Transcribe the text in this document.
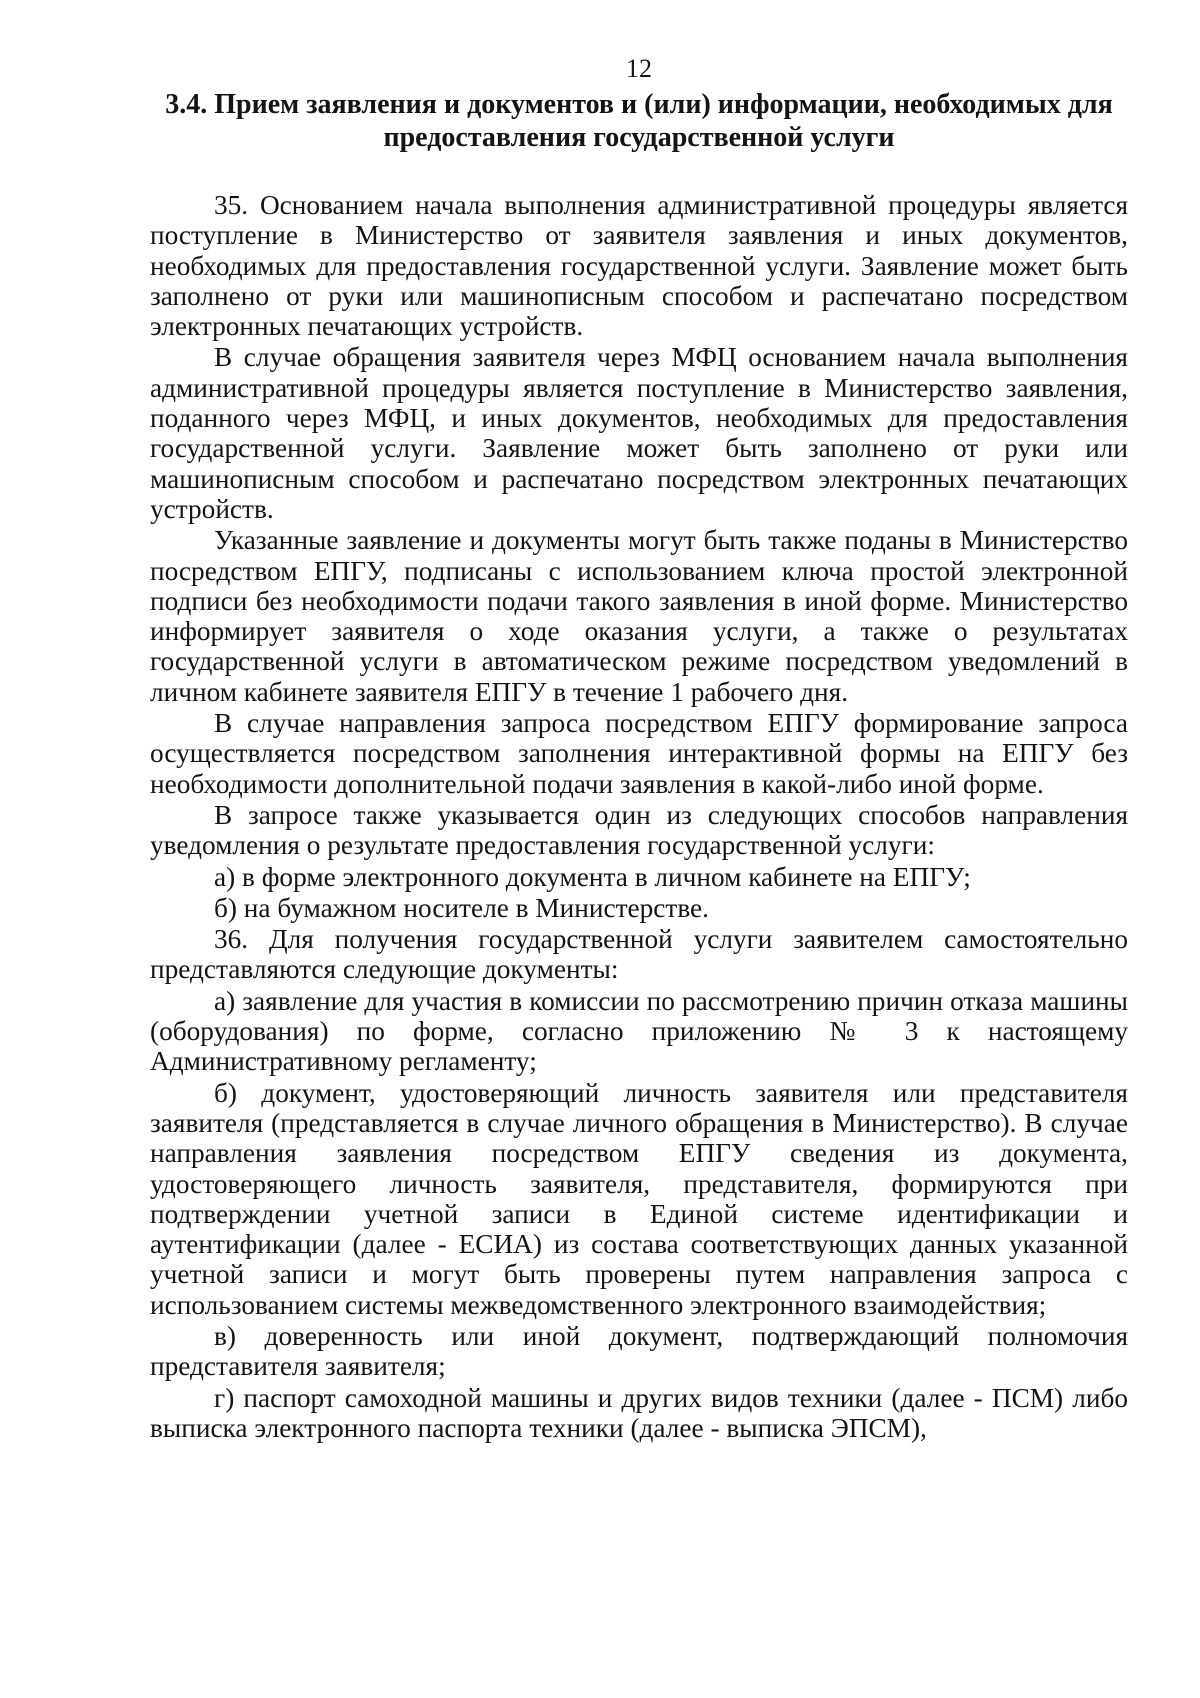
12
3.4. Прием заявления и документов и (или) информации, необходимых для предоставления государственной услуги

35. Основанием начала выполнения административной процедуры является поступление в Министерство от заявителя заявления и иных документов, необходимых для предоставления государственной услуги. Заявление может быть заполнено от руки или машинописным способом и распечатано посредством электронных печатающих устройств.

В случае обращения заявителя через МФЦ основанием начала выполнения административной процедуры является поступление в Министерство заявления, поданного через МФЦ, и иных документов, необходимых для предоставления государственной услуги. Заявление может быть заполнено от руки или машинописным способом и распечатано посредством электронных печатающих устройств.

Указанные заявление и документы могут быть также поданы в Министерство посредством ЕПГУ, подписаны с использованием ключа простой электронной подписи без необходимости подачи такого заявления в иной форме. Министерство информирует заявителя о ходе оказания услуги, а также о результатах государственной услуги в автоматическом режиме посредством уведомлений в личном кабинете заявителя ЕПГУ в течение 1 рабочего дня.

В случае направления запроса посредством ЕПГУ формирование запроса осуществляется посредством заполнения интерактивной формы на ЕПГУ без необходимости дополнительной подачи заявления в какой-либо иной форме.

В запросе также указывается один из следующих способов направления уведомления о результате предоставления государственной услуги:

а) в форме электронного документа в личном кабинете на ЕПГУ;

б) на бумажном носителе в Министерстве.

36. Для получения государственной услуги заявителем самостоятельно представляются следующие документы:

а) заявление для участия в комиссии по рассмотрению причин отказа машины (оборудования) по форме, согласно приложению № 3 к настоящему Административному регламенту;

б) документ, удостоверяющий личность заявителя или представителя заявителя (представляется в случае личного обращения в Министерство). В случае направления заявления посредством ЕПГУ сведения из документа, удостоверяющего личность заявителя, представителя, формируются при подтверждении учетной записи в Единой системе идентификации и аутентификации (далее - ЕСИА) из состава соответствующих данных указанной учетной записи и могут быть проверены путем направления запроса с использованием системы межведомственного электронного взаимодействия;

в) доверенность или иной документ, подтверждающий полномочия представителя заявителя;

г) паспорт самоходной машины и других видов техники (далее - ПСМ) либо выписка электронного паспорта техники (далее - выписка ЭПСМ),
